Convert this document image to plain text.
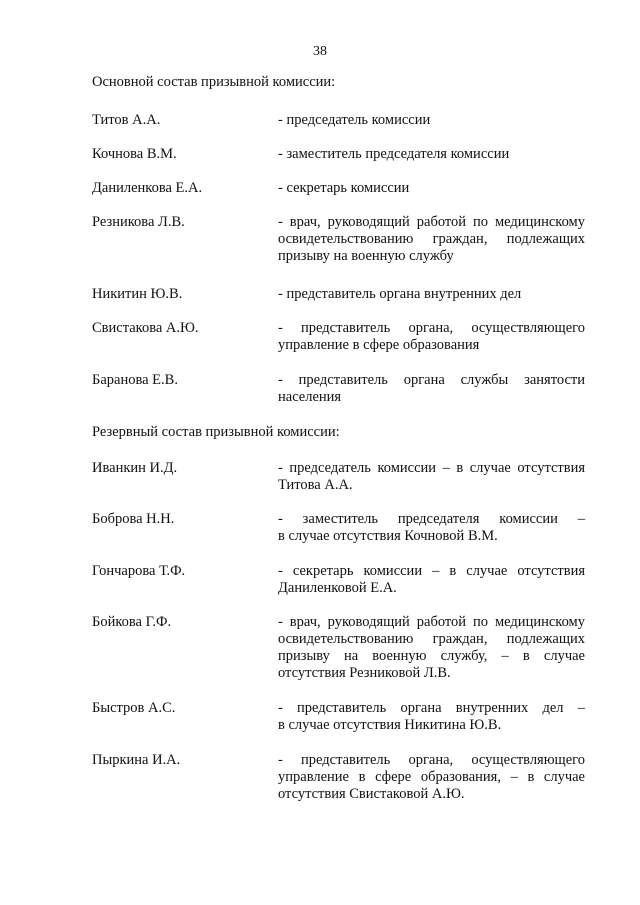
38
Основной состав призывной комиссии:
Титов А.А.	- председатель комиссии
Кочнова В.М.	- заместитель председателя комиссии
Даниленкова Е.А.	- секретарь комиссии
Резникова Л.В.	- врач, руководящий работой по медицинскому
освидетельствованию граждан, подлежащих
призыву на военную службу
Никитин Ю.В.	- представитель органа внутренних дел
Свистакова А.Ю.	- представитель органа, осуществляющего
управление в сфере образования
Баранова Е.В.	- представитель органа службы занятости
населения
Резервный состав призывной комиссии:
Иванкин И.Д.	- председатель комиссии – в случае отсутствия
Титова А.А.
Боброва Н.Н.	- заместитель председателя комиссии –
в случае отсутствия Кочновой В.М.
Гончарова Т.Ф.	- секретарь комиссии – в случае отсутствия
Даниленковой Е.А.
Бойкова Г.Ф.	- врач, руководящий работой по медицинскому
освидетельствованию граждан, подлежащих
призыву на военную службу, – в случае
отсутствия Резниковой Л.В.
Быстров А.С.	- представитель органа внутренних дел –
в случае отсутствия Никитина Ю.В.
Пыркина И.А.	- представитель органа, осуществляющего
управление в сфере образования, – в случае
отсутствия Свистаковой А.Ю.
